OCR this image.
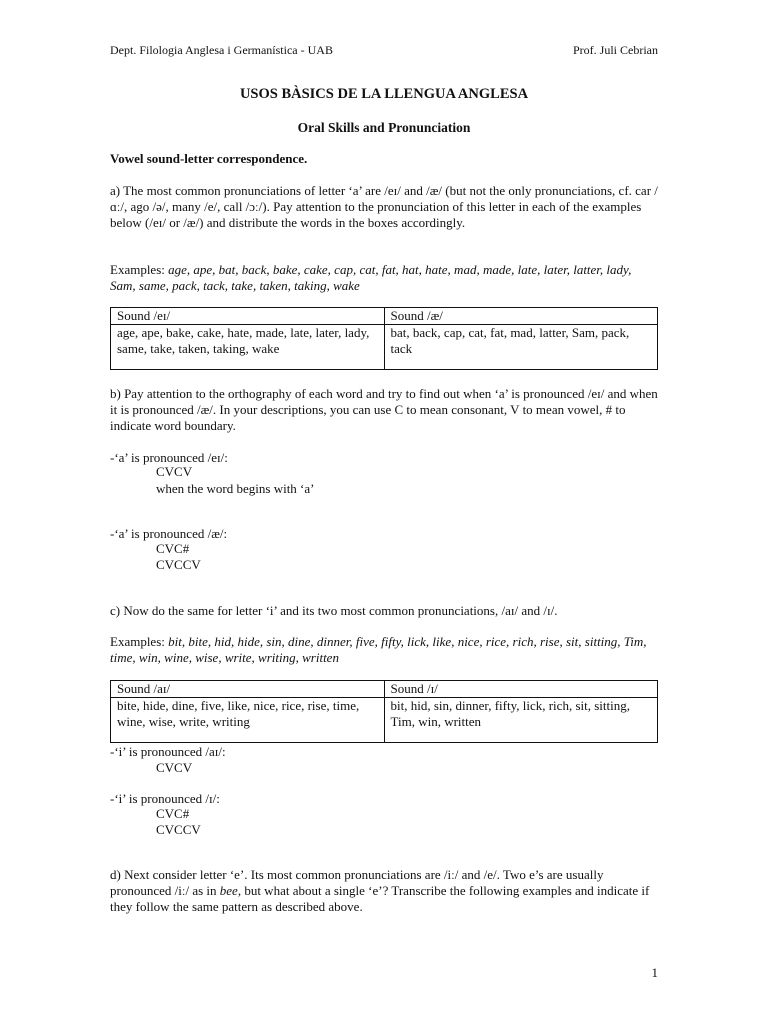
Dept. Filologia Anglesa i Germanística - UAB	Prof. Juli Cebrian
USOS BÀSICS DE LA LLENGUA ANGLESA
Oral Skills and Pronunciation
Vowel sound-letter correspondence.
a) The most common pronunciations of letter ‘a’ are /eɪ/ and /æ/ (but not the only pronunciations, cf. car /ɑː/, ago /ə/, many /e/, call /ɔː/). Pay attention to the pronunciation of this letter in each of the examples below (/eɪ/ or /æ/) and distribute the words in the boxes accordingly.
Examples: age, ape, bat, back, bake, cake, cap, cat, fat, hat, hate, mad, made, late, later, latter, lady, Sam, same, pack, tack, take, taken, taking, wake
Sound /eɪ/	Sound /æ/
age, ape, bake, cake, hate, made, late, later, lady, same, take, taken, taking, wake	bat, back, cap, cat, fat, mad, latter, Sam, pack, tack
b) Pay attention to the orthography of each word and try to find out when ‘a’ is pronounced /eɪ/ and when it is pronounced /æ/. In your descriptions, you can use C to mean consonant, V to mean vowel, # to indicate word boundary.
-‘a’ is pronounced /eɪ/:
CVCV
when the word begins with ‘a’
-‘a’ is pronounced /æ/:
CVC#
CVCCV
c) Now do the same for letter ‘i’ and its two most common pronunciations, /aɪ/ and /ɪ/.
Examples: bit, bite, hid, hide, sin, dine, dinner, five, fifty, lick, like, nice, rice, rich, rise, sit, sitting, Tim, time, win, wine, wise, write, writing, written
Sound /aɪ/	Sound /ɪ/
bite, hide, dine, five, like, nice, rice, rise, time, wine, wise, write, writing	bit, hid, sin, dinner, fifty, lick, rich, sit, sitting, Tim, win, written
-‘i’ is pronounced /aɪ/:
CVCV
-‘i’ is pronounced /ɪ/:
CVC#
CVCCV
d) Next consider letter ‘e’. Its most common pronunciations are /iː/ and /e/. Two e’s are usually pronounced /iː/ as in bee, but what about a single ‘e’? Transcribe the following examples and indicate if they follow the same pattern as described above.
1
